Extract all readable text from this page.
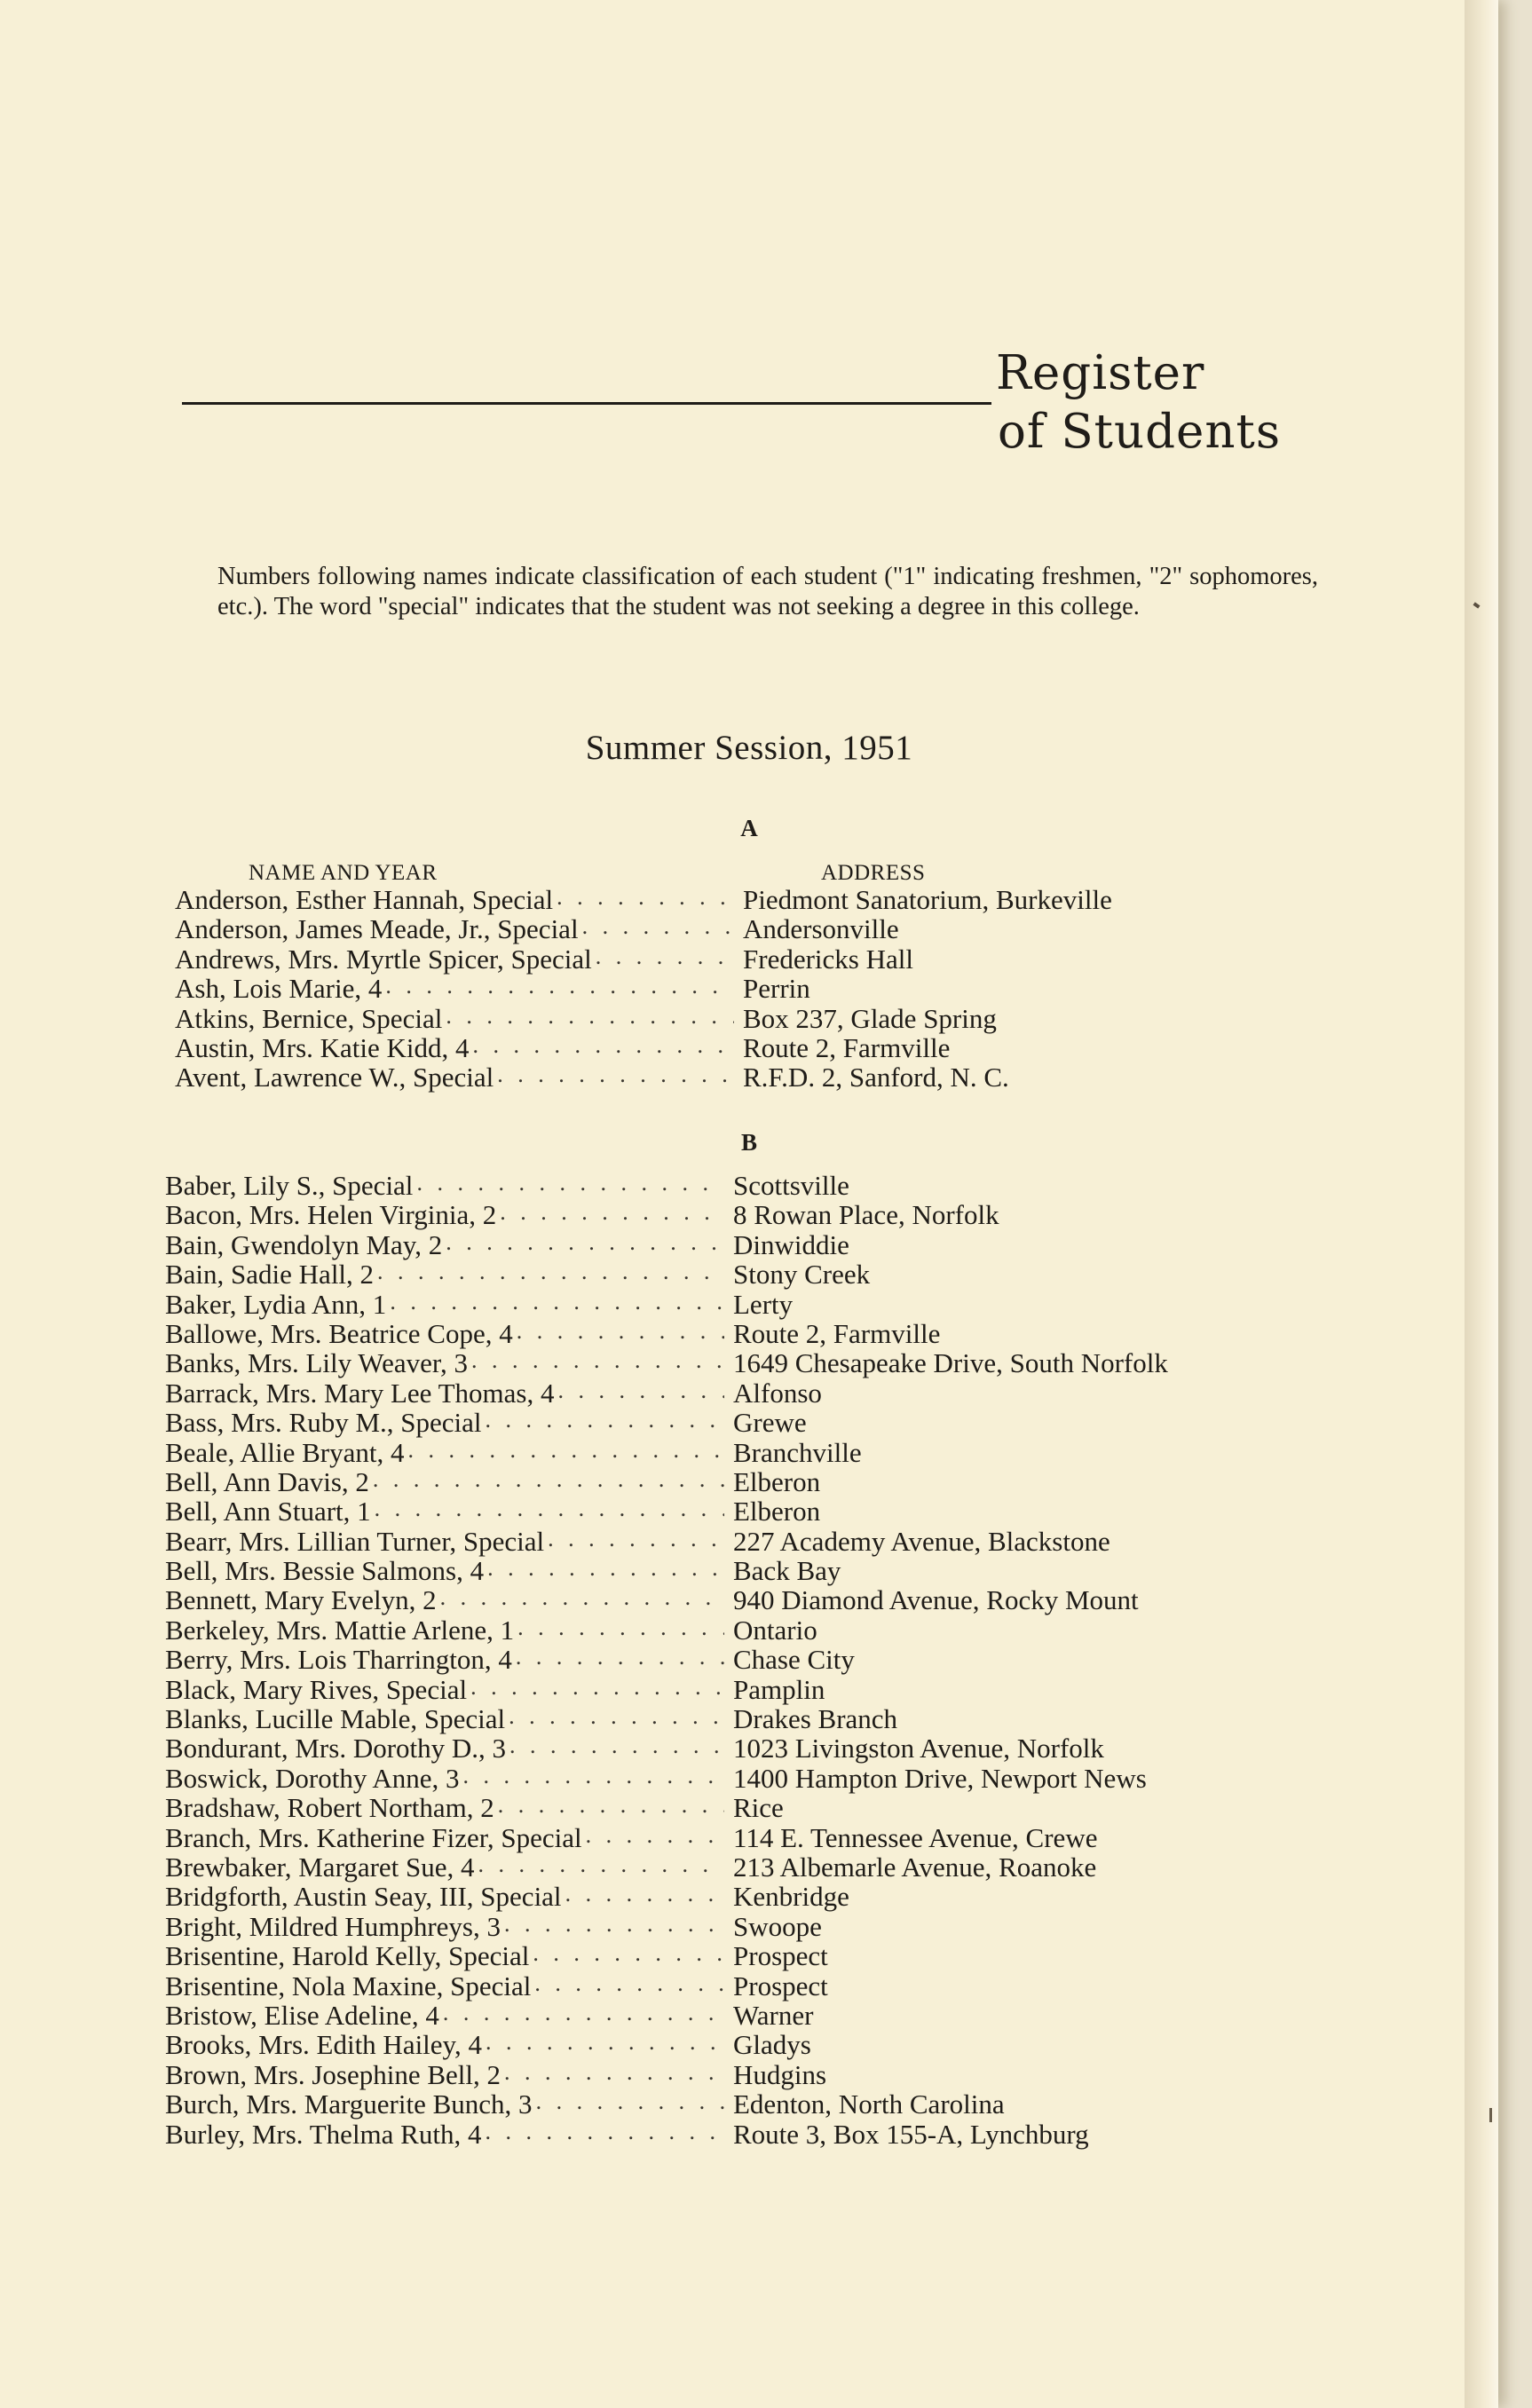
Register
of Students
Numbers following names indicate classification of each student ("1" indicating freshmen, "2" sophomores, etc.). The word "special" indicates that the student was not seeking a degree in this college.
Summer Session, 1951
A
NAME AND YEAR	ADDRESS
Anderson, Esther Hannah, Special . . .	Piedmont Sanatorium, Burkeville
Anderson, James Meade, Jr., Special . . .	Andersonville
Andrews, Mrs. Myrtle Spicer, Special . . .	Fredericks Hall
Ash, Lois Marie, 4 . . .	Perrin
Atkins, Bernice, Special . . .	Box 237, Glade Spring
Austin, Mrs. Katie Kidd, 4 . . .	Route 2, Farmville
Avent, Lawrence W., Special . . .	R.F.D. 2, Sanford, N. C.
B
Baber, Lily S., Special . . .	Scottsville
Bacon, Mrs. Helen Virginia, 2 . . .	8 Rowan Place, Norfolk
Bain, Gwendolyn May, 2 . . .	Dinwiddie
Bain, Sadie Hall, 2 . . .	Stony Creek
Baker, Lydia Ann, 1 . . .	Lerty
Ballowe, Mrs. Beatrice Cope, 4 . . .	Route 2, Farmville
Banks, Mrs. Lily Weaver, 3 . . .	1649 Chesapeake Drive, South Norfolk
Barrack, Mrs. Mary Lee Thomas, 4 . . .	Alfonso
Bass, Mrs. Ruby M., Special . . .	Grewe
Beale, Allie Bryant, 4 . . .	Branchville
Bell, Ann Davis, 2 . . .	Elberon
Bell, Ann Stuart, 1 . . .	Elberon
Bearr, Mrs. Lillian Turner, Special . . .	227 Academy Avenue, Blackstone
Bell, Mrs. Bessie Salmons, 4 . . .	Back Bay
Bennett, Mary Evelyn, 2 . . .	940 Diamond Avenue, Rocky Mount
Berkeley, Mrs. Mattie Arlene, 1 . . .	Ontario
Berry, Mrs. Lois Tharrington, 4 . . .	Chase City
Black, Mary Rives, Special . . .	Pamplin
Blanks, Lucille Mable, Special . . .	Drakes Branch
Bondurant, Mrs. Dorothy D., 3 . . .	1023 Livingston Avenue, Norfolk
Boswick, Dorothy Anne, 3 . . .	1400 Hampton Drive, Newport News
Bradshaw, Robert Northam, 2 . . .	Rice
Branch, Mrs. Katherine Fizer, Special . . .	114 E. Tennessee Avenue, Crewe
Brewbaker, Margaret Sue, 4 . . .	213 Albemarle Avenue, Roanoke
Bridgforth, Austin Seay, III, Special . . .	Kenbridge
Bright, Mildred Humphreys, 3 . . .	Swoope
Brisentine, Harold Kelly, Special . . .	Prospect
Brisentine, Nola Maxine, Special . . .	Prospect
Bristow, Elise Adeline, 4 . . .	Warner
Brooks, Mrs. Edith Hailey, 4 . . .	Gladys
Brown, Mrs. Josephine Bell, 2 . . .	Hudgins
Burch, Mrs. Marguerite Bunch, 3 . . .	Edenton, North Carolina
Burley, Mrs. Thelma Ruth, 4 . . .	Route 3, Box 155-A, Lynchburg
